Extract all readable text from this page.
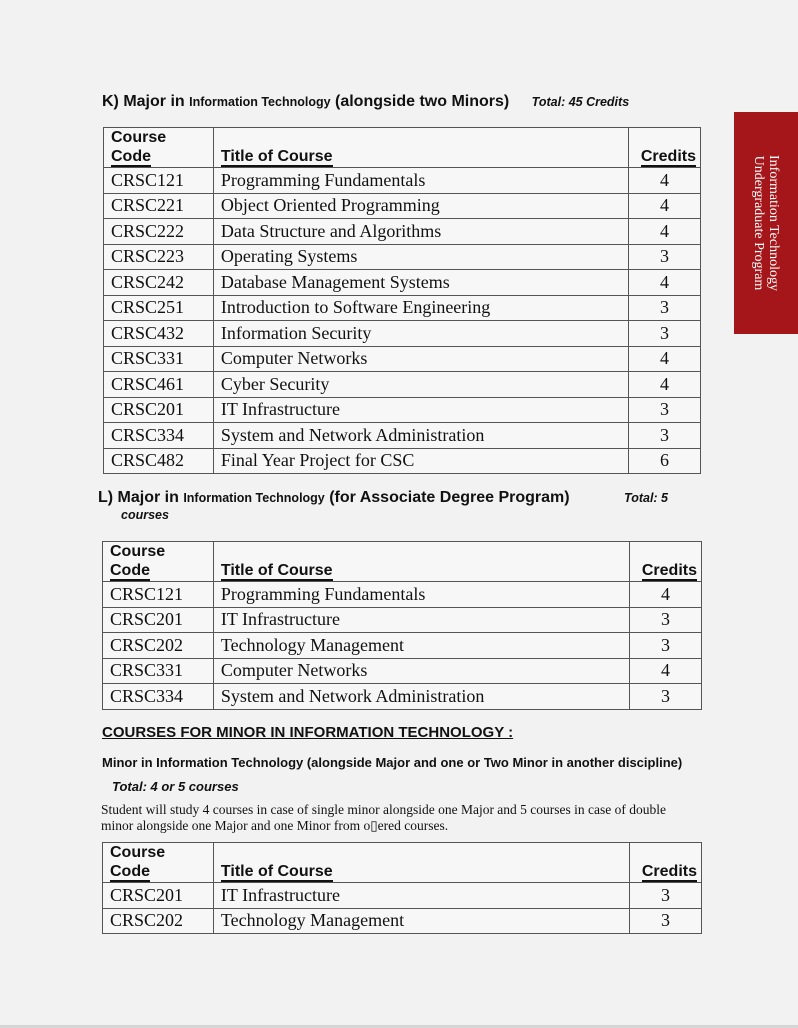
Information Technology
Undergraduate Program
K) Major in Information Technology (alongside two Minors) Total: 45 Credits
Course
Code	Title of Course	Credits
CRSC121	Programming Fundamentals	4
CRSC221	Object Oriented Programming	4
CRSC222	Data Structure and Algorithms	4
CRSC223	Operating Systems	3
CRSC242	Database Management Systems	4
CRSC251	Introduction to Software Engineering	3
CRSC432	Information Security	3
CRSC331	Computer Networks	4
CRSC461	Cyber Security	4
CRSC201	IT Infrastructure	3
CRSC334	System and Network Administration	3
CRSC482	Final Year Project for CSC	6
L) Major in Information Technology (for Associate Degree Program)	Total: 5
courses
Course
Code	Title of Course	Credits
CRSC121	Programming Fundamentals	4
CRSC201	IT Infrastructure	3
CRSC202	Technology Management	3
CRSC331	Computer Networks	4
CRSC334	System and Network Administration	3
COURSES FOR MINOR IN INFORMATION TECHNOLOGY :
Minor in Information Technology (alongside Major and one or Two Minor in another discipline) Total: 4 or 5 courses
Student will study 4 courses in case of single minor alongside one Major and 5 courses in case of double minor alongside one Major and one Minor from o▯ered courses.
Course
Code	Title of Course	Credits
CRSC201	IT Infrastructure	3
CRSC202	Technology Management	3
